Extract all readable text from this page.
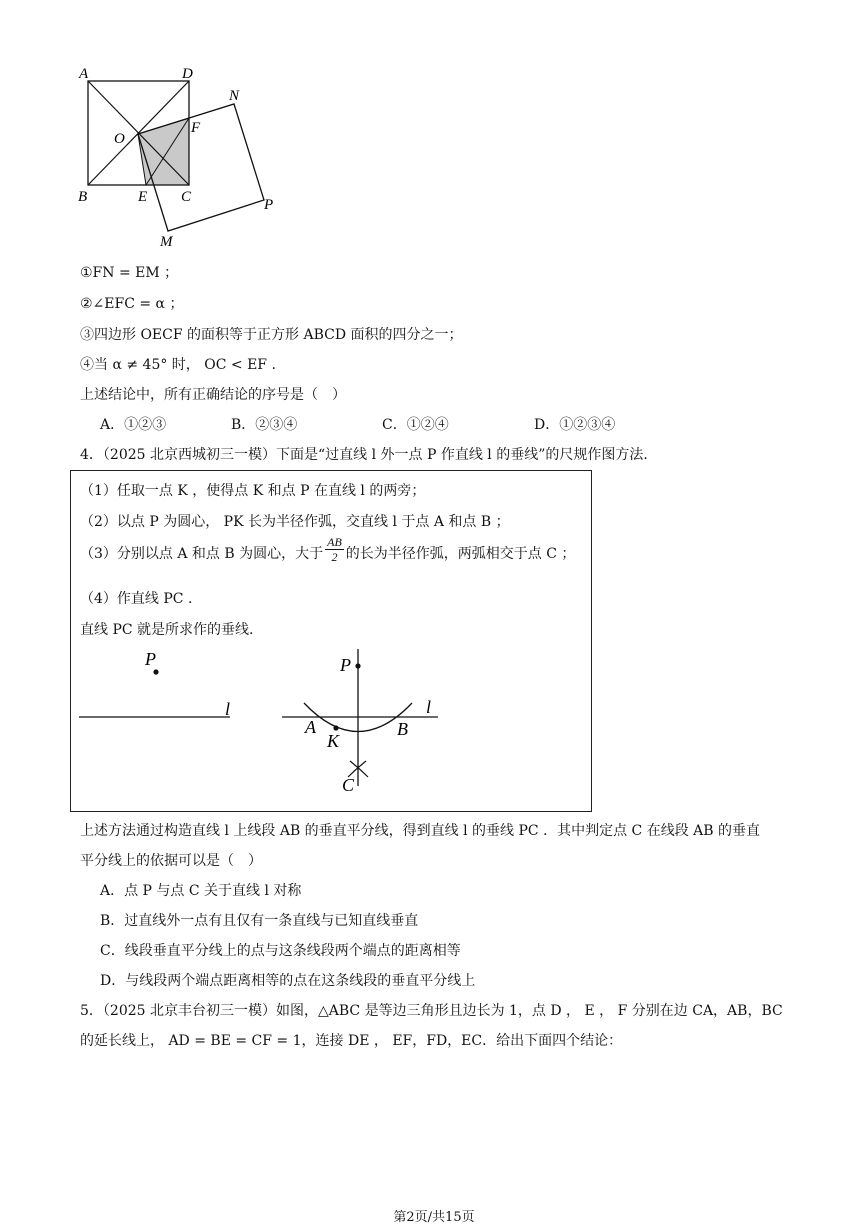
A	D
N
O
F
B	E C	P
M
①FN = EM ；
②∠EFC = α ；
③四边形 OECF 的面积等于正方形 ABCD 面积的四分之一；
④当 α ≠ 45° 时， OC < EF .
上述结论中，所有正确结论的序号是（　）
A．①②③	B．②③④	C．①②④	D．①②③④
4．（2025 北京西城初三一模）下面是“过直线 l 外一点 P 作直线 l 的垂线”的尺规作图方法．
（1）任取一点 K ，使得点 K 和点 P 在直线 l 的两旁；
（2）以点 P 为圆心， PK 长为半径作弧，交直线 l 于点 A 和点 B ；
（3）分别以点 A 和点 B 为圆心，大于 $\frac{AB}{2}$ 的长为半径作弧，两弧相交于点 C ；
（4）作直线 PC .
直线 PC 就是所求作的垂线.
P
l	l
P
A
K
B
C
上述方法通过构造直线 l 上线段 AB 的垂直平分线，得到直线 l 的垂线 PC ．其中判定点 C 在线段 AB 的垂直
平分线上的依据可以是（　）
A．点 P 与点 C 关于直线 l 对称
B．过直线外一点有且仅有一条直线与已知直线垂直
C．线段垂直平分线上的点与这条线段两个端点的距离相等
D．与线段两个端点距离相等的点在这条线段的垂直平分线上
5．（2025 北京丰台初三一模）如图，△ABC 是等边三角形且边长为 1，点 D ， E ， F 分别在边 CA，AB，BC
的延长线上， AD = BE = CF = 1，连接 DE ， EF，FD，EC．给出下面四个结论：
第2页/共15页
